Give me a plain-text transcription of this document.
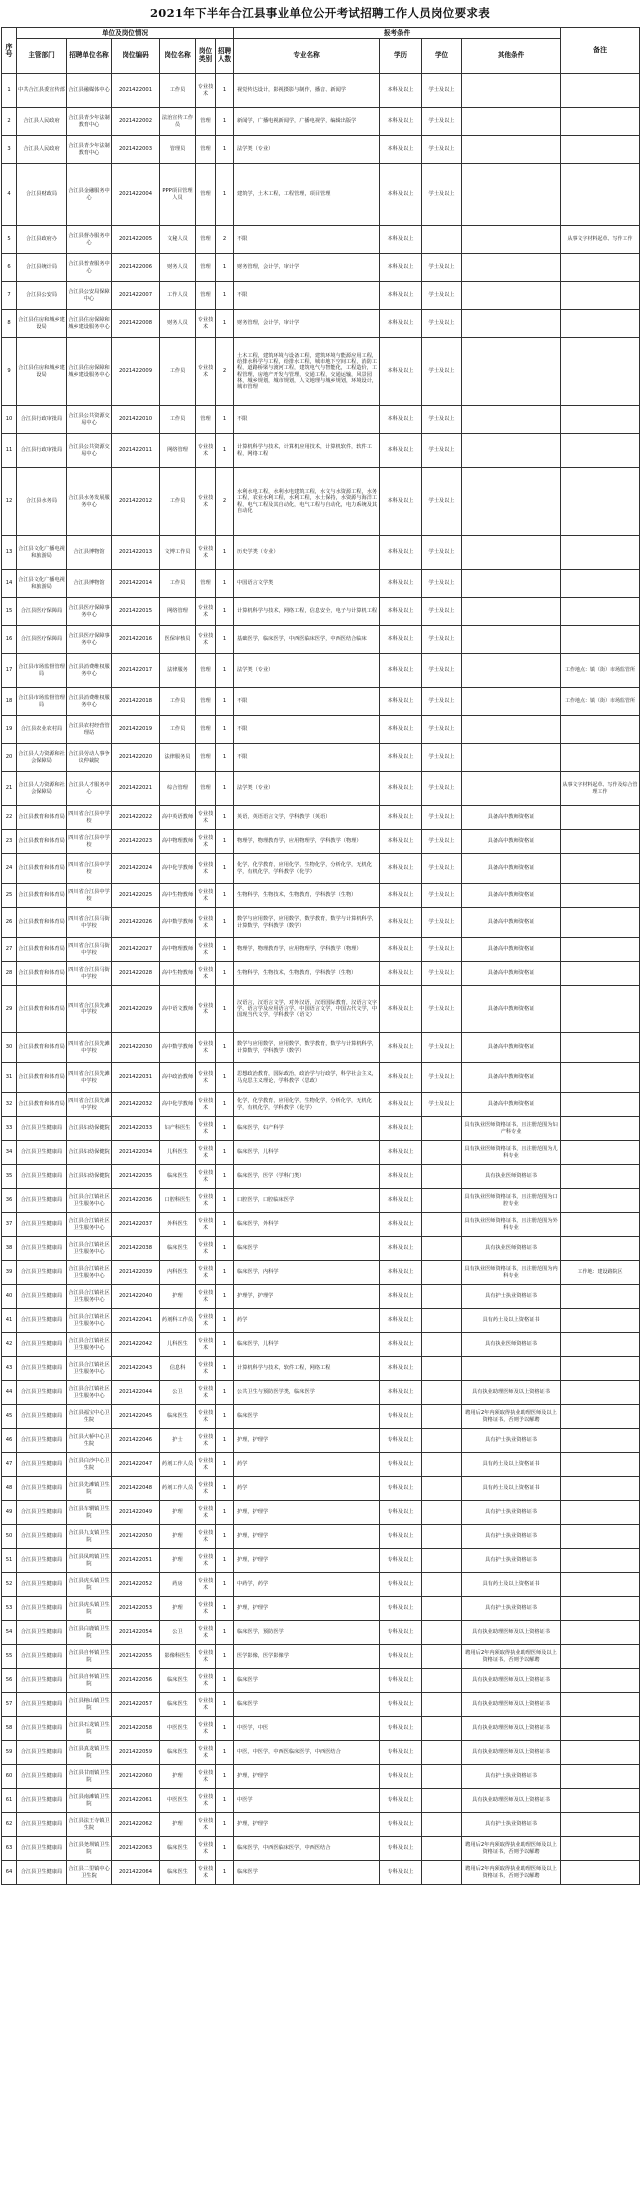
2021年下半年合江县事业单位公开考试招聘工作人员岗位要求表
序号	单位及岗位情况						报考条件				备注
	主管部门	招聘单位名称	岗位编码	岗位名称	岗位类别	招聘人数	专业名称	学历	学位	其他条件	
1	中共合江县委宣传部	合江县融媒体中心	2021422001	工作员	专业技术	1	视觉传达设计，影视摄影与制作，播音、新闻学	本科及以上	学士及以上		
2	合江县人民政府	合江县青少年法制教育中心	2021422002	法治宣传工作员	管理	1	新闻学，广播电视新闻学，广播电视学，编辑出版学	本科及以上	学士及以上		
3	合江县人民政府	合江县青少年法制教育中心	2021422003	管理员	管理	1	法学类（专业）	本科及以上	学士及以上		
4	合江县财政局	合江县金融服务中心	2021422004	PPP项目管理人员	管理	1	建筑学，土木工程，工程管理，项目管理	本科及以上	学士及以上		
5	合江县政府办	合江县督办服务中心	2021422005	文秘人员	管理	2	不限	本科及以上			从事文字材料起草、写作工作
6	合江县统计局	合江县普查服务中心	2021422006	财务人员	管理	1	财务管理，会计学，审计学	本科及以上	学士及以上		
7	合江县公安局	合江县公安局保障中心	2021422007	工作人员	管理	1	不限	本科及以上	学士及以上		
8	合江县住房和城乡建设局	合江县住房保障和城乡建设服务中心	2021422008	财务人员	专业技术	1	财务管理，会计学，审计学	本科及以上	学士及以上		
9	合江县住房和城乡建设局	合江县住房保障和城乡建设服务中心	2021422009	工作员	专业技术	2	土木工程，建筑环境与设备工程，建筑环境与能源应用工程，给排水科学与工程，给排水工程，城市地下空间工程，消防工程，道路桥梁与渡河工程，建筑电气与智能化，工程造价，工程管理，房地产开发与管理，交通工程，交通运输，风景园林，城乡规划，城市规划，人文地理与城乡规划，环境设计，城市管理	本科及以上	学士及以上		
10	合江县行政审批局	合江县公共资源交易中心	2021422010	工作员	管理	1	不限	本科及以上	学士及以上		
11	合江县行政审批局	合江县公共资源交易中心	2021422011	网络管理	专业技术	1	计算机科学与技术，计算机应用技术，计算机软件，软件工程，网络工程	本科及以上	学士及以上		
12	合江县水务局	合江县水务发展服务中心	2021422012	工作员	专业技术	2	水利水电工程，水利水电建筑工程，水文与水资源工程，水务工程，农业水利工程，水利工程，水土保持，水资源与海洋工程，电气工程及其自动化，电气工程与自动化，电力系统及其自动化	本科及以上	学士及以上		
13	合江县文化广播电视和旅游局	合江县博物馆	2021422013	文博工作员	专业技术	1	历史学类（专业）	本科及以上	学士及以上		
14	合江县文化广播电视和旅游局	合江县博物馆	2021422014	工作员	管理	1	中国语言文学类	本科及以上	学士及以上		
15	合江县医疗保障局	合江县医疗保障事务中心	2021422015	网络管理	专业技术	1	计算机科学与技术，网络工程，信息安全，电子与计算机工程	本科及以上	学士及以上		
16	合江县医疗保障局	合江县医疗保障事务中心	2021422016	医保审核员	专业技术	1	基础医学，临床医学，中西医临床医学，中西医结合临床	本科及以上	学士及以上		
17	合江县市场监督管理局	合江县消费维权服务中心	2021422017	法律服务	管理	1	法学类（专业）	本科及以上	学士及以上		工作地点：镇（街）市场监管所
18	合江县市场监督管理局	合江县消费维权服务中心	2021422018	工作员	管理	1	不限	本科及以上	学士及以上		工作地点：镇（街）市场监管所
19	合江县农业农村局	合江县农村经营管理站	2021422019	工作员	管理	1	不限	本科及以上	学士及以上		
20	合江县人力资源和社会保障局	合江县劳动人事争议仲裁院	2021422020	法律服务员	管理	1	不限	本科及以上	学士及以上		
21	合江县人力资源和社会保障局	合江县人才服务中心	2021422021	综合管理	管理	1	法学类（专业）	本科及以上	学士及以上		从事文字材料起草、写作及综合管理工作
22	合江县教育和体育局	四川省合江县中学校	2021422022	高中英语教师	专业技术	1	英语，英语语言文学，学科教学（英语）	本科及以上	学士及以上	具备高中教师资格证	
23	合江县教育和体育局	四川省合江县中学校	2021422023	高中物理教师	专业技术	1	物理学，物理教育学，应用物理学，学科教学（物理）	本科及以上	学士及以上	具备高中教师资格证	
24	合江县教育和体育局	四川省合江县中学校	2021422024	高中化学教师	专业技术	1	化学，化学教育，应用化学，生物化学，分析化学，无机化学，有机化学，学科教学（化学）	本科及以上	学士及以上	具备高中教师资格证	
25	合江县教育和体育局	四川省合江县中学校	2021422025	高中生物教师	专业技术	1	生物科学，生物技术，生物教育，学科教学（生物）	本科及以上	学士及以上	具备高中教师资格证	
26	合江县教育和体育局	四川省合江县马街中学校	2021422026	高中数学教师	专业技术	1	数学与应用数学，应用数学，数学教育，数学与计算机科学，计算数学，学科教学（数学）	本科及以上	学士及以上	具备高中教师资格证	
27	合江县教育和体育局	四川省合江县马街中学校	2021422027	高中物理教师	专业技术	1	物理学，物理教育学，应用物理学，学科教学（物理）	本科及以上	学士及以上	具备高中教师资格证	
28	合江县教育和体育局	四川省合江县马街中学校	2021422028	高中生物教师	专业技术	1	生物科学，生物技术，生物教育，学科教学（生物）	本科及以上	学士及以上	具备高中教师资格证	
29	合江县教育和体育局	四川省合江县先滩中学校	2021422029	高中语文教师	专业技术	1	汉语言，汉语言文学，对外汉语，汉语国际教育，汉语言文字学，语言学及应用语言学，中国语言文学，中国古代文学，中国现当代文学，学科教学（语文）	本科及以上	学士及以上	具备高中教师资格证	
30	合江县教育和体育局	四川省合江县先滩中学校	2021422030	高中数学教师	专业技术	1	数学与应用数学，应用数学，数学教育，数学与计算机科学，计算数学，学科教学（数学）	本科及以上	学士及以上	具备高中教师资格证	
31	合江县教育和体育局	四川省合江县先滩中学校	2021422031	高中政治教师	专业技术	1	思想政治教育，国际政治，政治学与行政学，科学社会主义，马克思主义理论，学科教学（思政）	本科及以上	学士及以上	具备高中教师资格证	
32	合江县教育和体育局	四川省合江县先滩中学校	2021422032	高中化学教师	专业技术	1	化学，化学教育，应用化学，生物化学，分析化学，无机化学，有机化学，学科教学（化学）	本科及以上	学士及以上	具备高中教师资格证	
33	合江县卫生健康局	合江县妇幼保健院	2021422033	妇产科医生	专业技术	1	临床医学，妇产科学	本科及以上		具有执业医师资格证书，且注册范围为妇产科专业	
34	合江县卫生健康局	合江县妇幼保健院	2021422034	儿科医生	专业技术	1	临床医学，儿科学	本科及以上		具有执业医师资格证书，且注册范围为儿科专业	
35	合江县卫生健康局	合江县妇幼保健院	2021422035	临床医生	专业技术	1	临床医学，医学（学科门类）	本科及以上		具有执业医师资格证书	
36	合江县卫生健康局	合江县合江镇社区卫生服务中心	2021422036	口腔科医生	专业技术	1	口腔医学，口腔临床医学	本科及以上		具有执业医师资格证书，且注册范围为口腔专业	
37	合江县卫生健康局	合江县合江镇社区卫生服务中心	2021422037	外科医生	专业技术	1	临床医学，外科学	本科及以上		具有执业医师资格证书，且注册范围为外科专业	
38	合江县卫生健康局	合江县合江镇社区卫生服务中心	2021422038	临床医生	专业技术	1	临床医学	本科及以上		具有执业医师资格证书	
39	合江县卫生健康局	合江县合江镇社区卫生服务中心	2021422039	内科医生	专业技术	1	临床医学，内科学	本科及以上		具有执业医师资格证书，且注册范围为内科专业	工作地：建设路院区
40	合江县卫生健康局	合江县合江镇社区卫生服务中心	2021422040	护理	专业技术	1	护理学，护理学	本科及以上		具有护士执业资格证书	
41	合江县卫生健康局	合江县合江镇社区卫生服务中心	2021422041	药剂科工作员	专业技术	1	药学	本科及以上		具有药士及以上资格证书	
42	合江县卫生健康局	合江县合江镇社区卫生服务中心	2021422042	儿科医生	专业技术	1	临床医学，儿科学	本科及以上		具有执业医师资格证书	
43	合江县卫生健康局	合江县合江镇社区卫生服务中心	2021422043	信息科	专业技术	1	计算机科学与技术，软件工程，网络工程	本科及以上			
44	合江县卫生健康局	合江县合江镇社区卫生服务中心	2021422044	公卫	专业技术	1	公共卫生与预防医学类，临床医学	本科及以上		具有执业助理医师及以上资格证书	
45	合江县卫生健康局	合江县福宝中心卫生院	2021422045	临床医生	专业技术	1	临床医学	专科及以上		聘用后2年内须取得执业助理医师及以上资格证书，否则予以解聘	
46	合江县卫生健康局	合江县大桥中心卫生院	2021422046	护士	专业技术	1	护理，护理学	专科及以上		具有护士执业资格证书	
47	合江县卫生健康局	合江县白沙中心卫生院	2021422047	药剂工作人员	专业技术	1	药学	专科及以上		具有药士及以上资格证书	
48	合江县卫生健康局	合江县先滩镇卫生院	2021422048	药剂工作人员	专业技术	1	药学	专科及以上		具有药士及以上资格证书	
49	合江县卫生健康局	合江县车辋镇卫生院	2021422049	护理	专业技术	1	护理，护理学	专科及以上		具有护士执业资格证书	
50	合江县卫生健康局	合江县九支镇卫生院	2021422050	护理	专业技术	1	护理，护理学	专科及以上		具有护士执业资格证书	
51	合江县卫生健康局	合江县凤鸣镇卫生院	2021422051	护理	专业技术	1	护理，护理学	专科及以上		具有护士执业资格证书	
52	合江县卫生健康局	合江县虎头镇卫生院	2021422052	药房	专业技术	1	中药学，药学	专科及以上		具有药士及以上资格证书	
53	合江县卫生健康局	合江县虎头镇卫生院	2021422053	护理	专业技术	1	护理，护理学	专科及以上		具有护士执业资格证书	
54	合江县卫生健康局	合江县白鹿镇卫生院	2021422054	公卫	专业技术	1	临床医学，预防医学	专科及以上		具有执业助理医师及以上资格证书	
55	合江县卫生健康局	合江县自怀镇卫生院	2021422055	影像科医生	专业技术	1	医学影像，医学影像学	专科及以上		聘用后2年内须取得执业助理医师及以上资格证书，否则予以解聘	
56	合江县卫生健康局	合江县自怀镇卫生院	2021422056	临床医生	专业技术	1	临床医学	专科及以上		具有执业助理医师及以上资格证书	
57	合江县卫生健康局	合江县榕山镇卫生院	2021422057	临床医生	专业技术	1	临床医学	专科及以上		具有执业助理医师及以上资格证书	
58	合江县卫生健康局	合江县石龙镇卫生院	2021422058	中医医生	专业技术	1	中医学，中医	专科及以上		具有执业助理医师及以上资格证书	
59	合江县卫生健康局	合江县真龙镇卫生院	2021422059	临床医生	专业技术	1	中医，中医学，中西医临床医学，中西医结合	专科及以上		具有执业助理医师及以上资格证书	
60	合江县卫生健康局	合江县甘雨镇卫生院	2021422060	护理	专业技术	1	护理，护理学	专科及以上		具有护士执业资格证书	
61	合江县卫生健康局	合江县南滩镇卫生院	2021422061	中医医生	专业技术	1	中医学	专科及以上		具有执业助理医师及以上资格证书	
62	合江县卫生健康局	合江县法王寺镇卫生院	2021422062	护理	专业技术	1	护理，护理学	专科及以上		具有护士执业资格证书	
63	合江县卫生健康局	合江县尧坝镇卫生院	2021422063	临床医生	专业技术	1	临床医学，中西医临床医学，中西医结合	专科及以上		聘用后2年内须取得执业助理医师及以上资格证书，否则予以解聘	
64	合江县卫生健康局	合江县二里镇中心卫生院	2021422064	临床医生	专业技术	1	临床医学	专科及以上		聘用后2年内须取得执业助理医师及以上资格证书，否则予以解聘	
